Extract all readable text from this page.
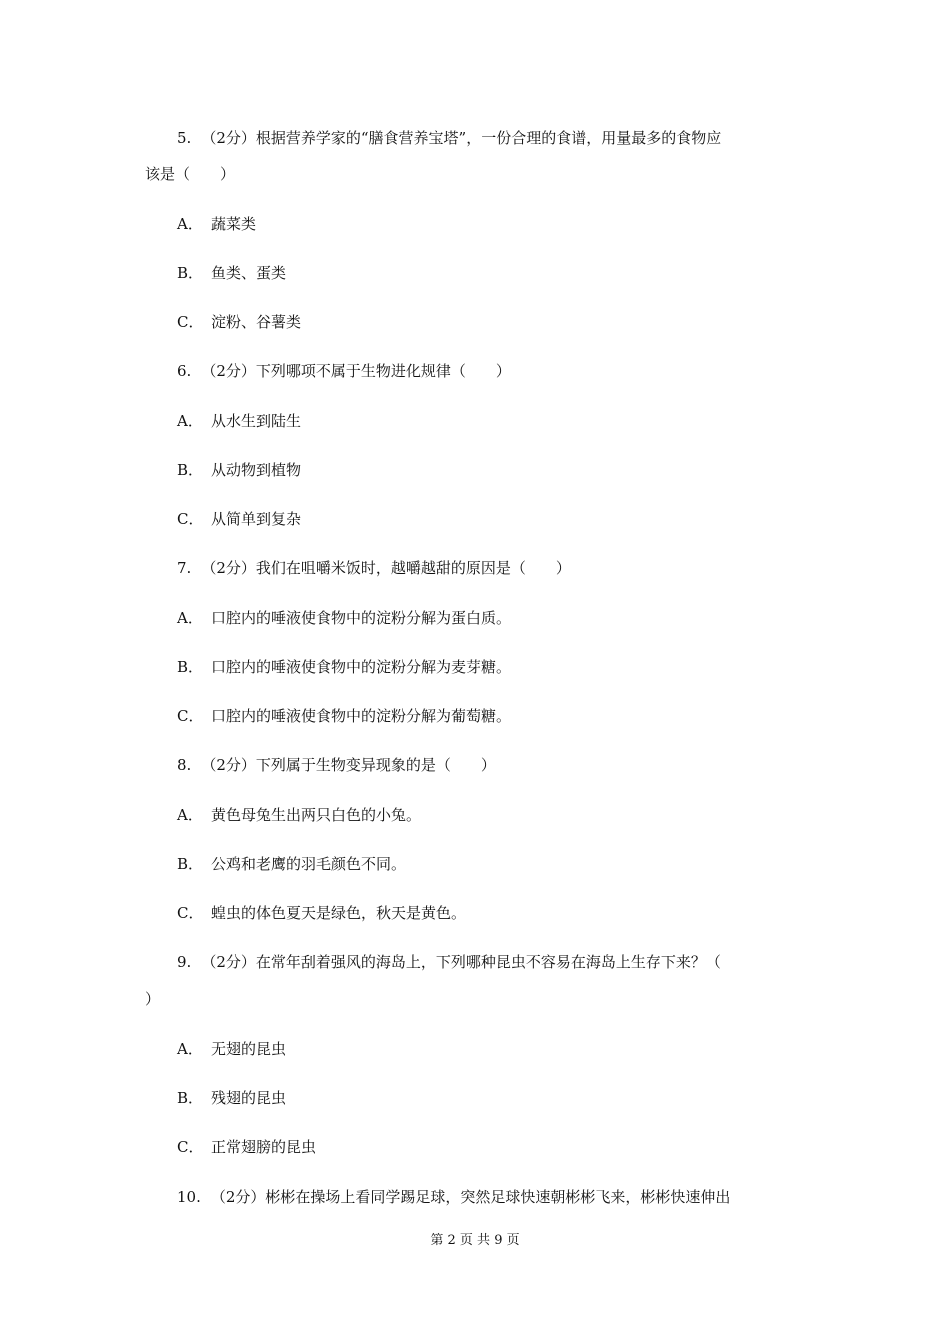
5. （2分）根据营养学家的“膳食营养宝塔”，一份合理的食谱，用量最多的食物应
该是（　　）
A． 蔬菜类
B． 鱼类、蛋类
C． 淀粉、谷薯类
6. （2分）下列哪项不属于生物进化规律（　　）
A． 从水生到陆生
B． 从动物到植物
C． 从简单到复杂
7. （2分）我们在咀嚼米饭时，越嚼越甜的原因是（　　）
A． 口腔内的唾液使食物中的淀粉分解为蛋白质。
B． 口腔内的唾液使食物中的淀粉分解为麦芽糖。
C． 口腔内的唾液使食物中的淀粉分解为葡萄糖。
8. （2分）下列属于生物变异现象的是（　　）
A． 黄色母兔生出两只白色的小兔。
B． 公鸡和老鹰的羽毛颜色不同。
C． 蝗虫的体色夏天是绿色，秋天是黄色。
9. （2分）在常年刮着强风的海岛上，下列哪种昆虫不容易在海岛上生存下来？（
）
A． 无翅的昆虫
B． 残翅的昆虫
C． 正常翅膀的昆虫
10. （2分）彬彬在操场上看同学踢足球，突然足球快速朝彬彬飞来，彬彬快速伸出
第 2 页 共 9 页
